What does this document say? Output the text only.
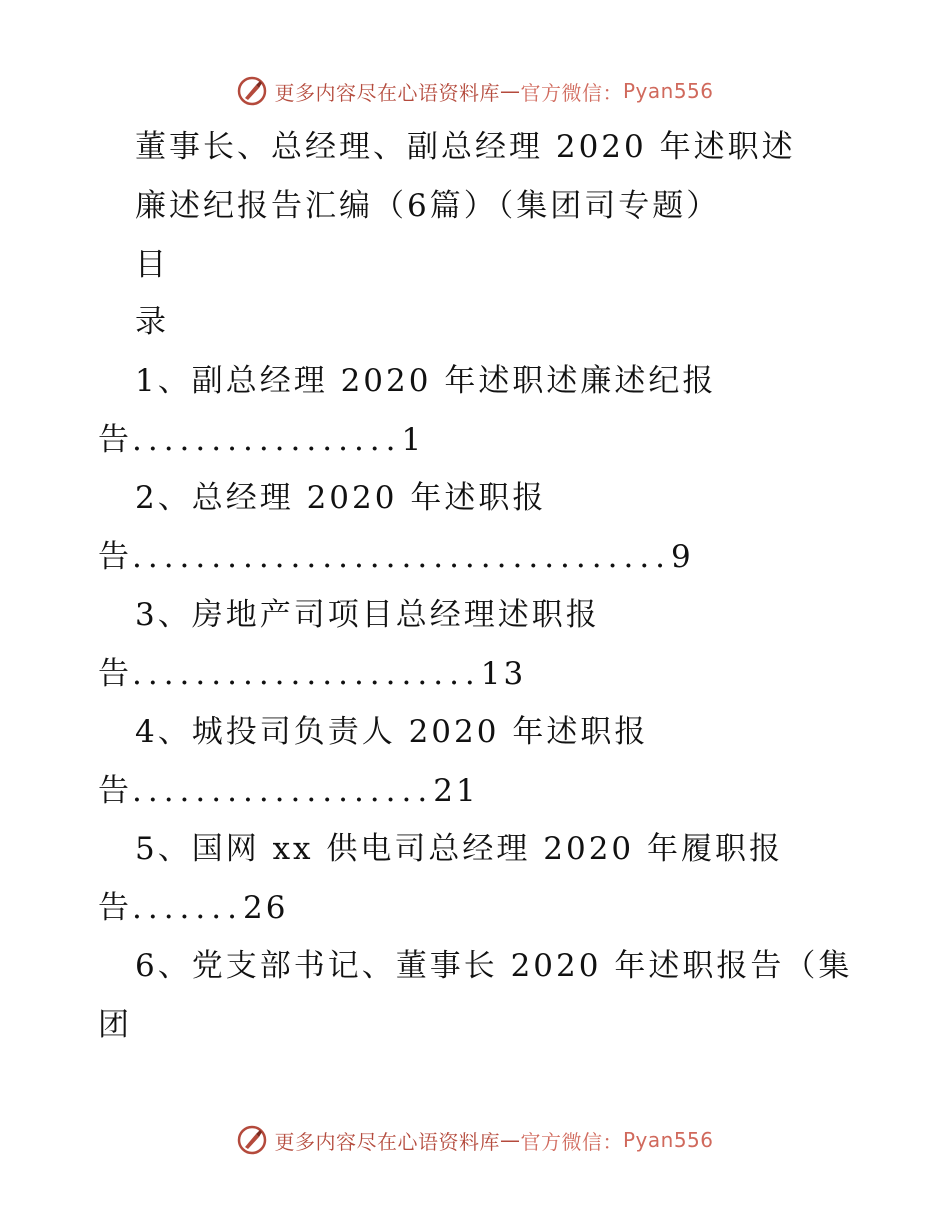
更多内容尽在心语资料库 — 官方微信： Pyan556
董事长、总经理、副总经理 2020 年述职述
廉述纪报告汇编（6篇）（集团司专题）
目
录
1、副总经理 2020 年述职述廉述纪报
告.................1
2、总经理 2020 年述职报
告..................................9
3、房地产司项目总经理述职报
告......................13
4、城投司负责人 2020 年述职报
告...................21
5、国网 xx 供电司总经理 2020 年履职报
告.......26
6、党支部书记、董事长 2020 年述职报告（集
团
更多内容尽在心语资料库 — 官方微信： Pyan556
